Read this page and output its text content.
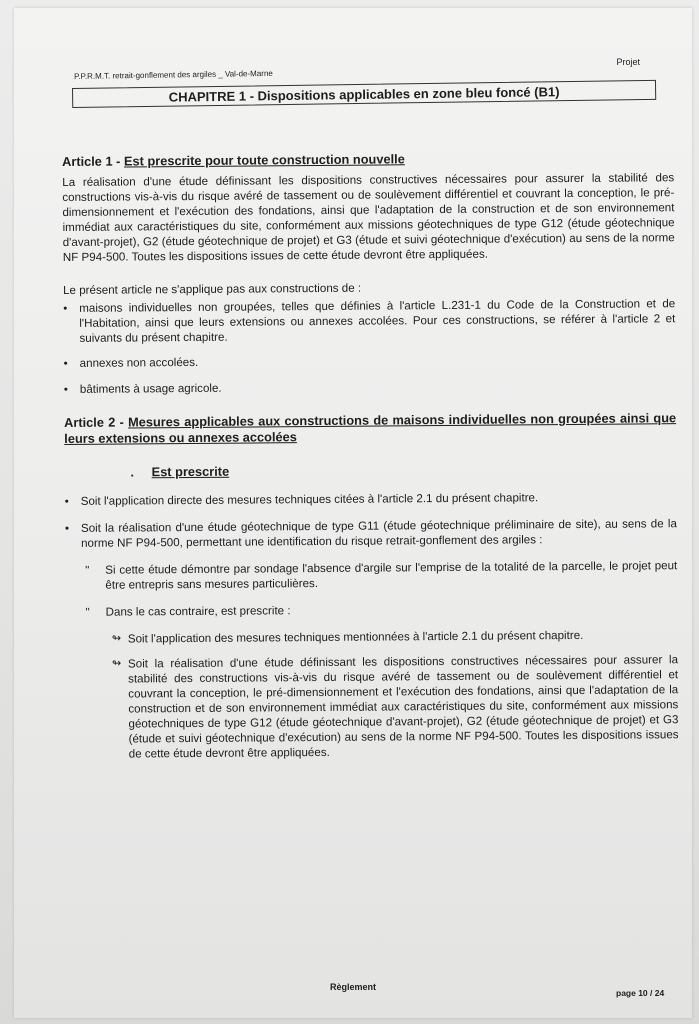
Projet
P.P.R.M.T. retrait-gonflement des argiles _ Val-de-Marne
CHAPITRE 1 - Dispositions applicables en zone bleu foncé (B1)

Article 1 - Est prescrite pour toute construction nouvelle

La réalisation d'une étude définissant les dispositions constructives nécessaires pour assurer la stabilité des constructions vis-à-vis du risque avéré de tassement ou de soulèvement différentiel et couvrant la conception, le pré-dimensionnement et l'exécution des fondations, ainsi que l'adaptation de la construction et de son environnement immédiat aux caractéristiques du site, conformément aux missions géotechniques de type G12 (étude géotechnique d'avant-projet), G2 (étude géotechnique de projet) et G3 (étude et suivi géotechnique d'exécution) au sens de la norme NF P94-500. Toutes les dispositions issues de cette étude devront être appliquées.

Le présent article ne s'applique pas aux constructions de :

• maisons individuelles non groupées, telles que définies à l'article L.231-1 du Code de la Construction et de l'Habitation, ainsi que leurs extensions ou annexes accolées. Pour ces constructions, se référer à l'article 2 et suivants du présent chapitre.

• annexes non accolées.

• bâtiments à usage agricole.

Article 2 - Mesures applicables aux constructions de maisons individuelles non groupées ainsi que leurs extensions ou annexes accolées

. Est prescrite

• Soit l'application directe des mesures techniques citées à l'article 2.1 du présent chapitre.

• Soit la réalisation d'une étude géotechnique de type G11 (étude géotechnique préliminaire de site), au sens de la norme NF P94-500, permettant une identification du risque retrait-gonflement des argiles :

" Si cette étude démontre par sondage l'absence d'argile sur l'emprise de la totalité de la parcelle, le projet peut être entrepris sans mesures particulières.

" Dans le cas contraire, est prescrite :

↬ Soit l'application des mesures techniques mentionnées à l'article 2.1 du présent chapitre.

↬ Soit la réalisation d'une étude définissant les dispositions constructives nécessaires pour assurer la stabilité des constructions vis-à-vis du risque avéré de tassement ou de soulèvement différentiel et couvrant la conception, le pré-dimensionnement et l'exécution des fondations, ainsi que l'adaptation de la construction et de son environnement immédiat aux caractéristiques du site, conformément aux missions géotechniques de type G12 (étude géotechnique d'avant-projet), G2 (étude géotechnique de projet) et G3 (étude et suivi géotechnique d'exécution) au sens de la norme NF P94-500. Toutes les dispositions issues de cette étude devront être appliquées.

Règlement
page 10 / 24
